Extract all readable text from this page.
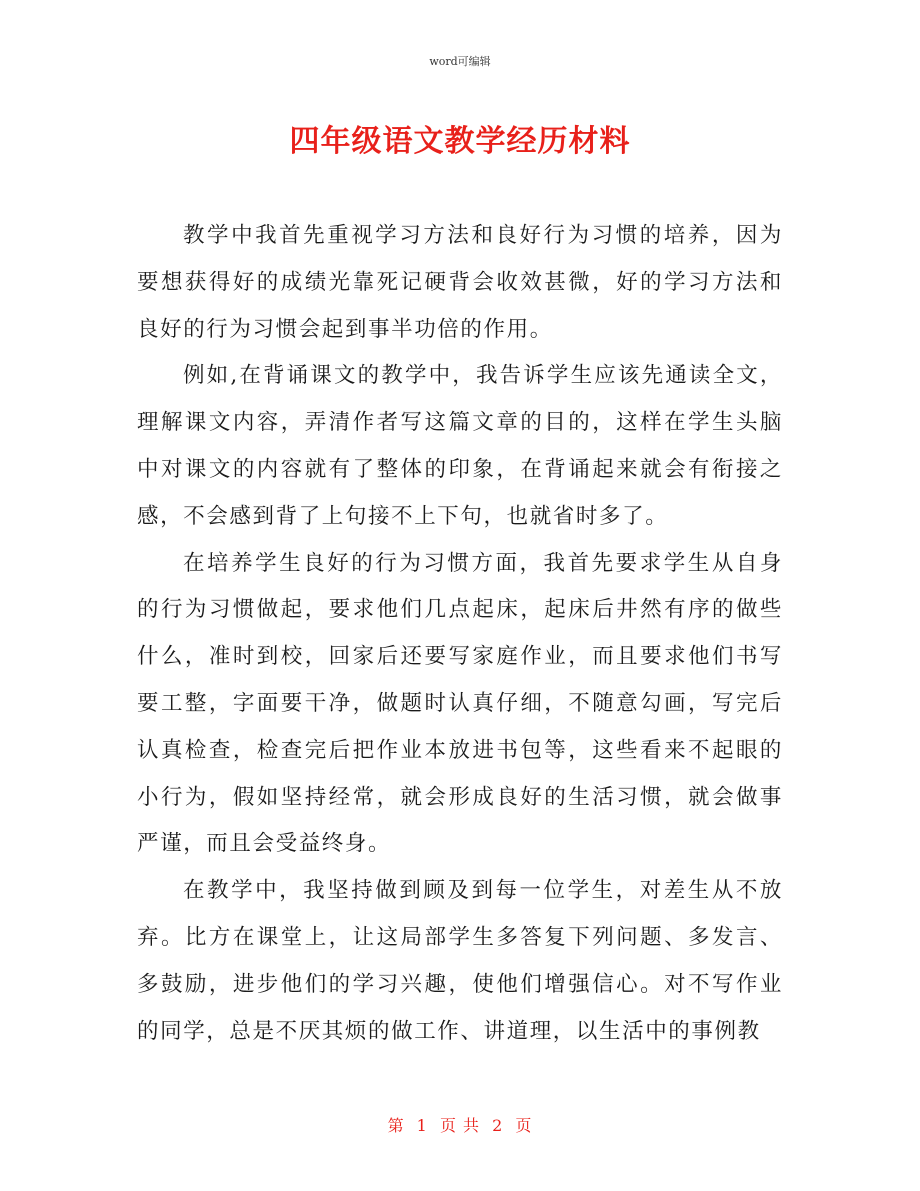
word可编辑
四年级语文教学经历材料

教学中我首先重视学习方法和良好行为习惯的培养，因为要想获得好的成绩光靠死记硬背会收效甚微，好的学习方法和良好的行为习惯会起到事半功倍的作用。

例如,在背诵课文的教学中，我告诉学生应该先通读全文，理解课文内容，弄清作者写这篇文章的目的，这样在学生头脑中对课文的内容就有了整体的印象，在背诵起来就会有衔接之感，不会感到背了上句接不上下句，也就省时多了。

在培养学生良好的行为习惯方面，我首先要求学生从自身的行为习惯做起，要求他们几点起床，起床后井然有序的做些什么，准时到校，回家后还要写家庭作业，而且要求他们书写要工整，字面要干净，做题时认真仔细，不随意勾画，写完后认真检查，检查完后把作业本放进书包等，这些看来不起眼的小行为，假如坚持经常，就会形成良好的生活习惯，就会做事严谨，而且会受益终身。

在教学中，我坚持做到顾及到每一位学生，对差生从不放弃。比方在课堂上，让这局部学生多答复下列问题、多发言、多鼓励，进步他们的学习兴趣，使他们增强信心。对不写作业的同学，总是不厌其烦的做工作、讲道理，以生活中的事例教

第 1 页 共 2 页
